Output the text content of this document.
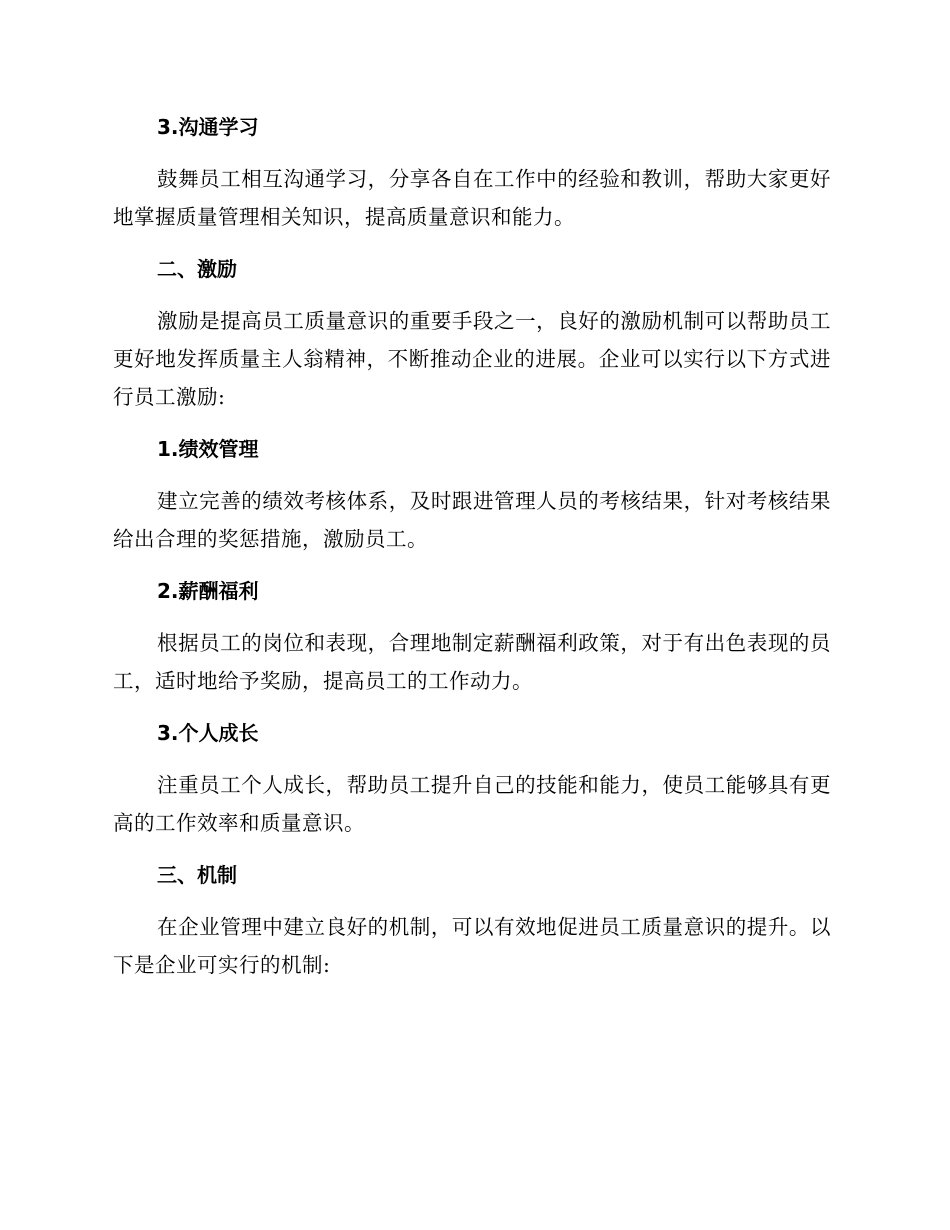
3.沟通学习

鼓舞员工相互沟通学习，分享各自在工作中的经验和教训，帮助大家更好地掌握质量管理相关知识，提高质量意识和能力。

二、激励

激励是提高员工质量意识的重要手段之一，良好的激励机制可以帮助员工更好地发挥质量主人翁精神，不断推动企业的进展。企业可以实行以下方式进行员工激励:

1.绩效管理

建立完善的绩效考核体系，及时跟进管理人员的考核结果，针对考核结果给出合理的奖惩措施，激励员工。

2.薪酬福利

根据员工的岗位和表现，合理地制定薪酬福利政策，对于有出色表现的员工，适时地给予奖励，提高员工的工作动力。

3.个人成长

注重员工个人成长，帮助员工提升自己的技能和能力，使员工能够具有更高的工作效率和质量意识。

三、机制

在企业管理中建立良好的机制，可以有效地促进员工质量意识的提升。以下是企业可实行的机制:
